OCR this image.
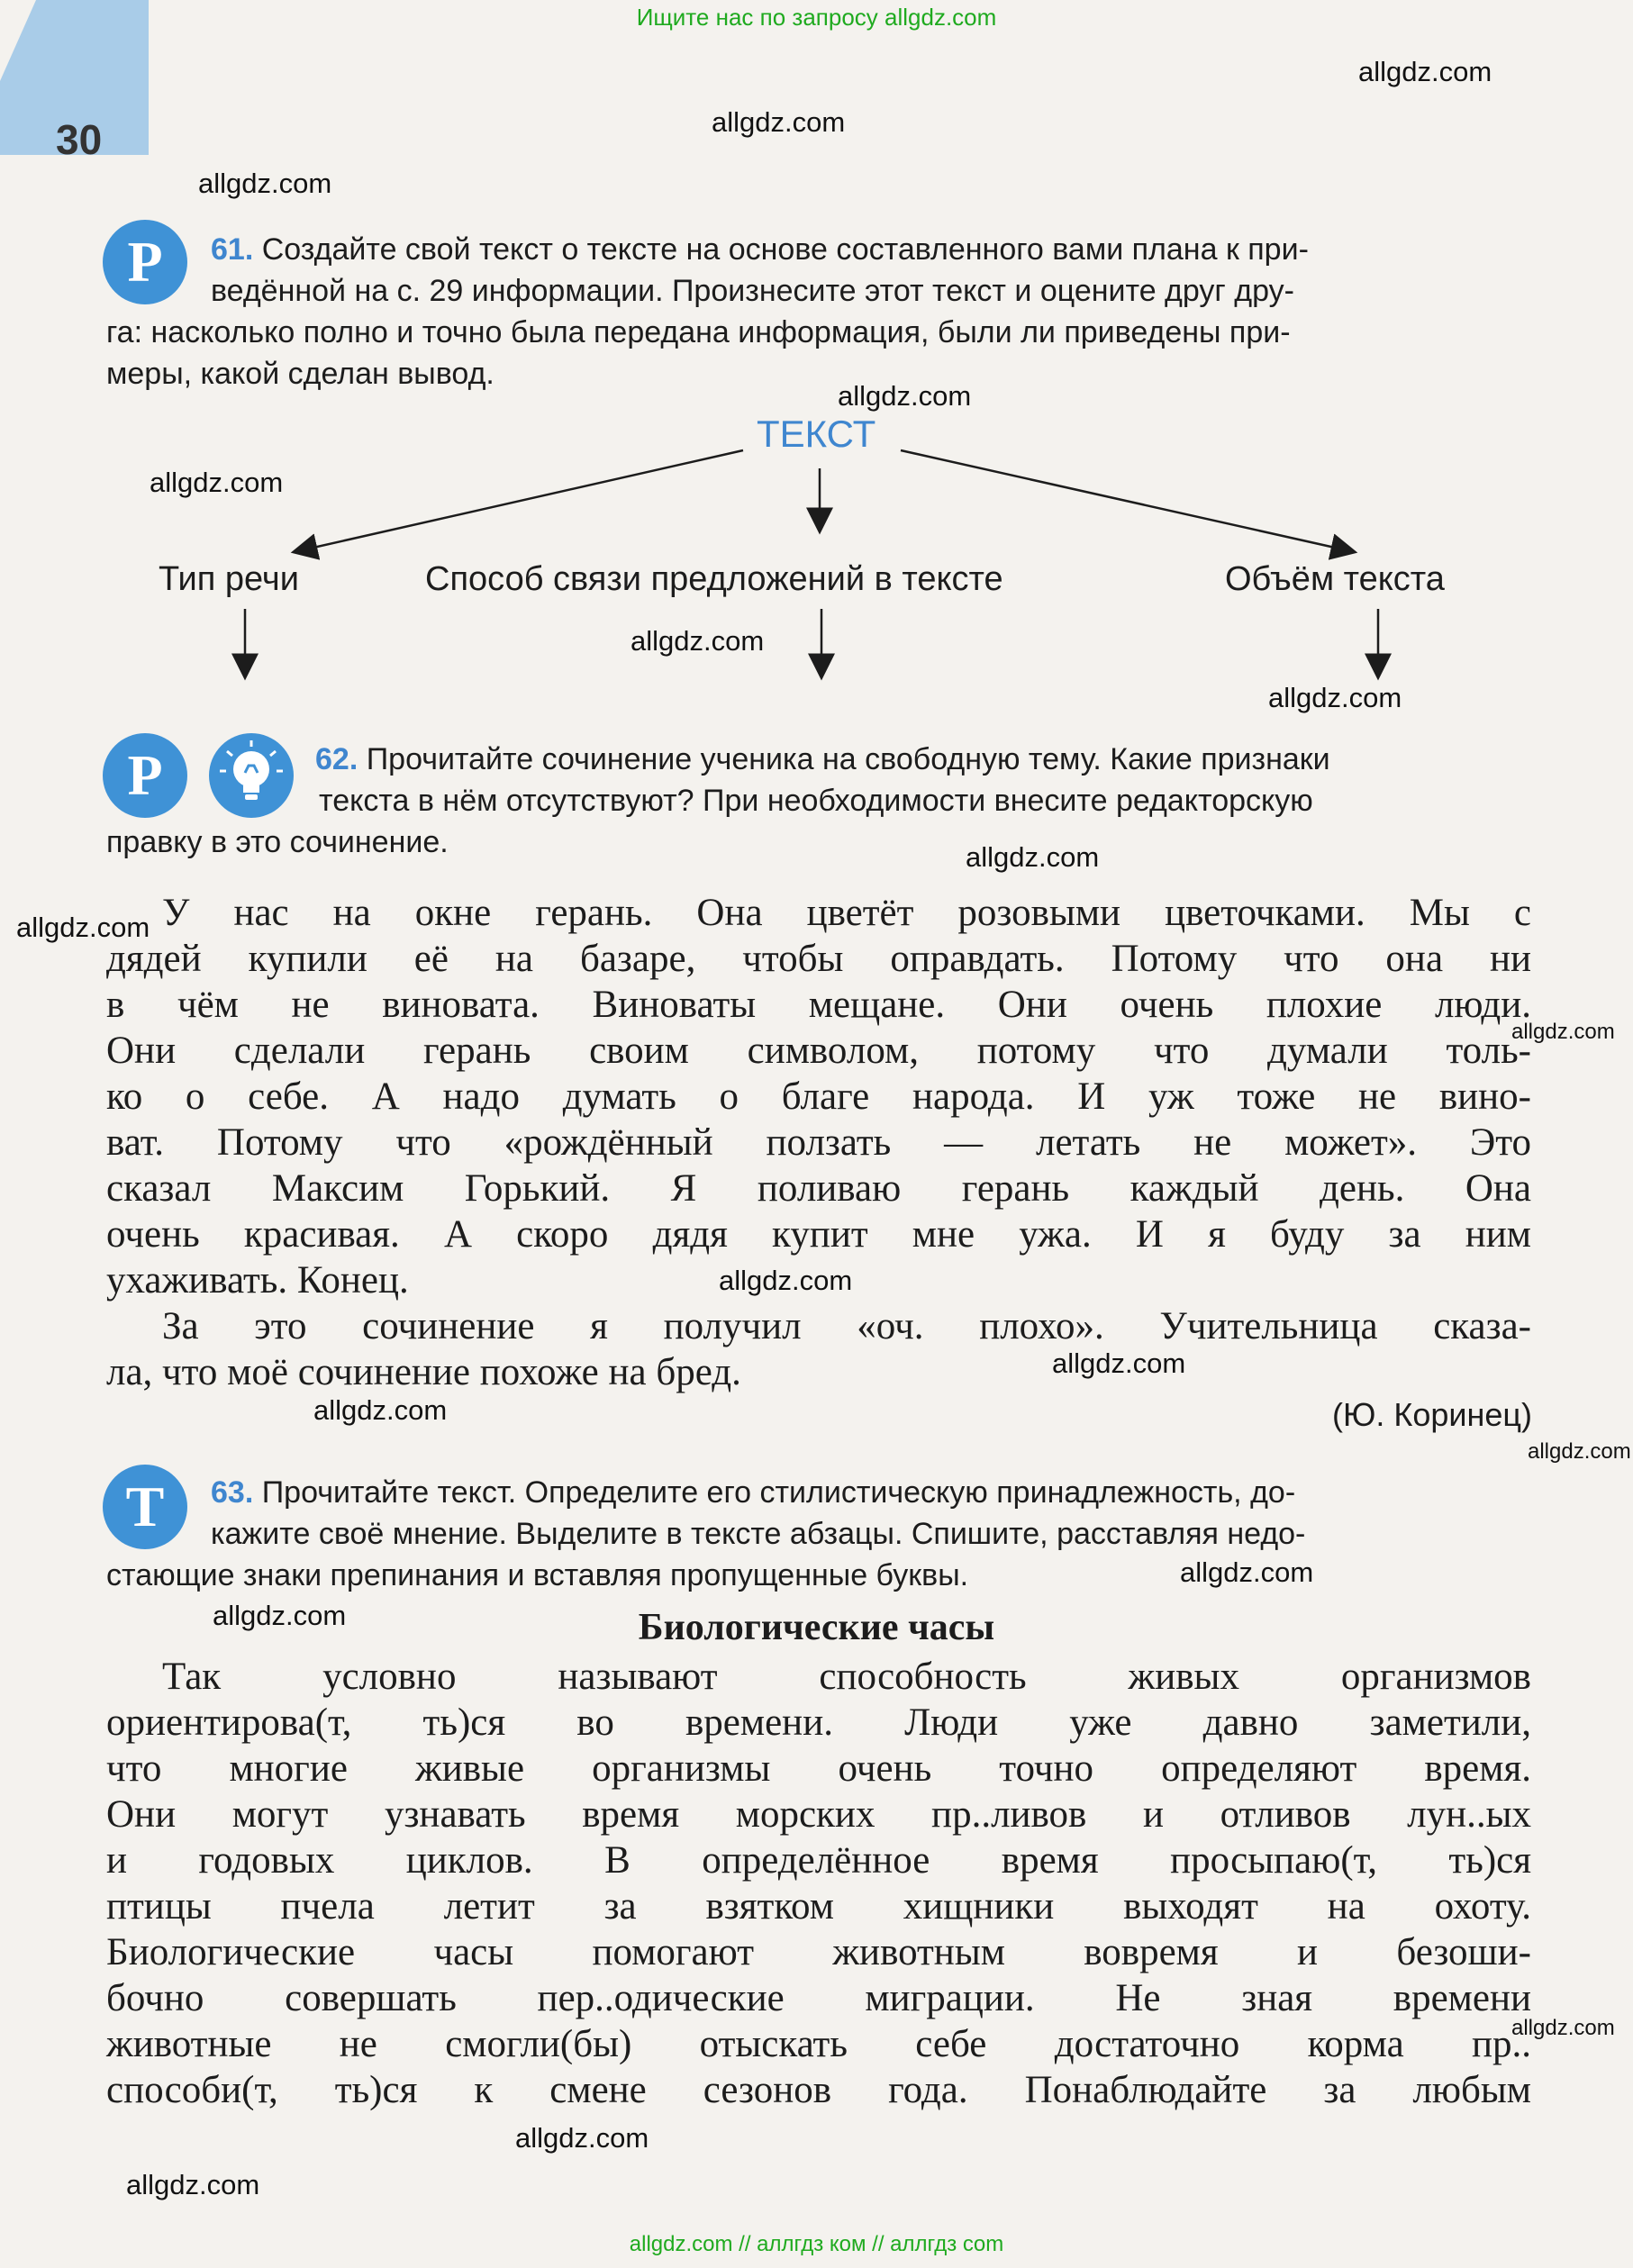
Ищите нас по запросу allgdz.com
30
allgdz.com
allgdz.com
allgdz.com
allgdz.com
allgdz.com
allgdz.com
allgdz.com
allgdz.com
allgdz.com
allgdz.com
allgdz.com
allgdz.com
allgdz.com
allgdz.com
allgdz.com
allgdz.com
allgdz.com
allgdz.com
allgdz.com
Р	61. Создайте свой текст о тексте на основе составленного вами плана к при-
ведённой на с. 29 информации. Произнесите этот текст и оцените друг дру-
га: насколько полно и точно была передана информация, были ли приведены при-
меры, какой сделан вывод.
ТЕКСТ
Тип речи	Способ связи предложений в тексте	Объём текста
Р	62. Прочитайте сочинение ученика на свободную тему. Какие признаки
текста в нём отсутствуют? При необходимости внесите редакторскую
правку в это сочинение.
У нас на окне герань. Она цветёт розовыми цветочками. Мы с
дядей купили её на базаре, чтобы оправдать. Потому что она ни
в чём не виновата. Виноваты мещане. Они очень плохие люди.
Они сделали герань своим символом, потому что думали толь-
ко о себе. А надо думать о благе народа. И уж тоже не вино-
ват. Потому что «рождённый ползать — летать не может». Это
сказал Максим Горький. Я поливаю герань каждый день. Она
очень красивая. А скоро дядя купит мне ужа. И я буду за ним
ухаживать. Конец.
За это сочинение я получил «оч. плохо». Учительница сказа-
ла, что моё сочинение похоже на бред.
(Ю. Коринец)
Т	63. Прочитайте текст. Определите его стилистическую принадлежность, до-
кажите своё мнение. Выделите в тексте абзацы. Спишите, расставляя недо-
стающие знаки препинания и вставляя пропущенные буквы.
Биологические часы
Так условно называют способность живых организмов
ориентирова(т, ть)ся во времени. Люди уже давно заметили,
что многие живые организмы очень точно определяют время.
Они могут узнавать время морских пр..ливов и отливов лун..ых
и годовых циклов. В определённое время просыпаю(т, ть)ся
птицы пчела летит за взятком хищники выходят на охоту.
Биологические часы помогают животным вовремя и безоши-
бочно совершать пер..одические миграции. Не зная времени
животные не смогли(бы) отыскать себе достаточно корма пр..
способи(т, ть)ся к смене сезонов года. Понаблюдайте за любым
allgdz.com // аллгдз ком // аллгдз com
